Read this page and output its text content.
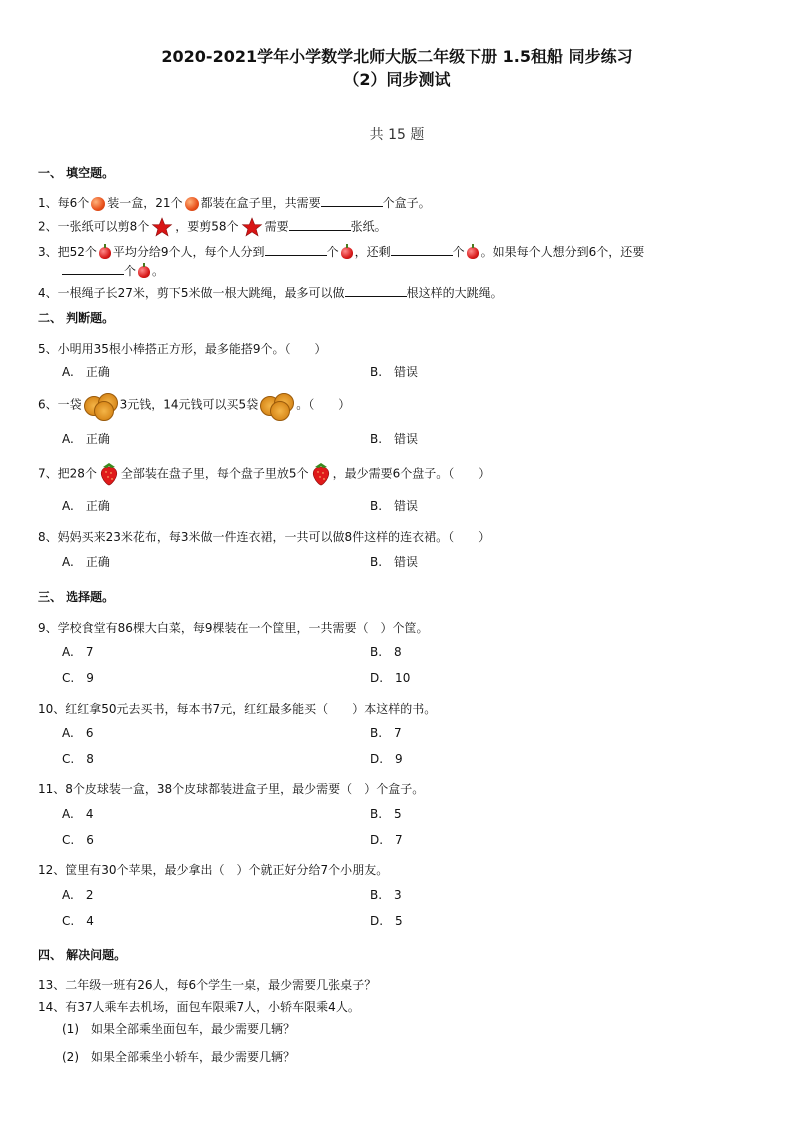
2020-2021学年小学数学北师大版二年级下册 1.5租船 同步练习
（2）同步测试
共 15 题
一、 填空题。
1、每6个 装一盒，21个 都装在盒子里，共需要	个盒子。
2、一张纸可以剪8个 ，要剪58个 需要	张纸。
3、把52个 平均分给9个人，每个人分到	个 ，还剩	个 。如果每个人想分到6个，还要
个 。
4、一根绳子长27米，剪下5米做一根大跳绳，最多可以做	根这样的大跳绳。
二、 判断题。
5、小明用35根小棒搭正方形，最多能搭9个。（　　）
A.　正确	B.　错误
6、一袋	3元钱，14元钱可以买5袋	。（　　）
A.　正确	B.　错误
7、把28个 全部装在盘子里，每个盘子里放5个 ，最少需要6个盘子。（　　）
A.　正确	B.　错误
8、妈妈买来23米花布，每3米做一件连衣裙，一共可以做8件这样的连衣裙。（　　）
A.　正确	B.　错误
三、 选择题。
9、学校食堂有86棵大白菜，每9棵装在一个筐里，一共需要（　）个筐。
A.　7	B.　8
C.　9	D.　10
10、红红拿50元去买书，每本书7元，红红最多能买（　　）本这样的书。
A.　6	B.　7
C.　8	D.　9
11、8个皮球装一盒，38个皮球都装进盒子里，最少需要（　）个盒子。
A.　4	B.　5
C.　6	D.　7
12、筐里有30个苹果，最少拿出（　）个就正好分给7个小朋友。
A.　2	B.　3
C.　4	D.　5
四、 解决问题。
13、二年级一班有26人，每6个学生一桌，最少需要几张桌子？
14、有37人乘车去机场，面包车限乘7人，小轿车限乘4人。
(1)　如果全部乘坐面包车，最少需要几辆？
(2)　如果全部乘坐小轿车，最少需要几辆？
